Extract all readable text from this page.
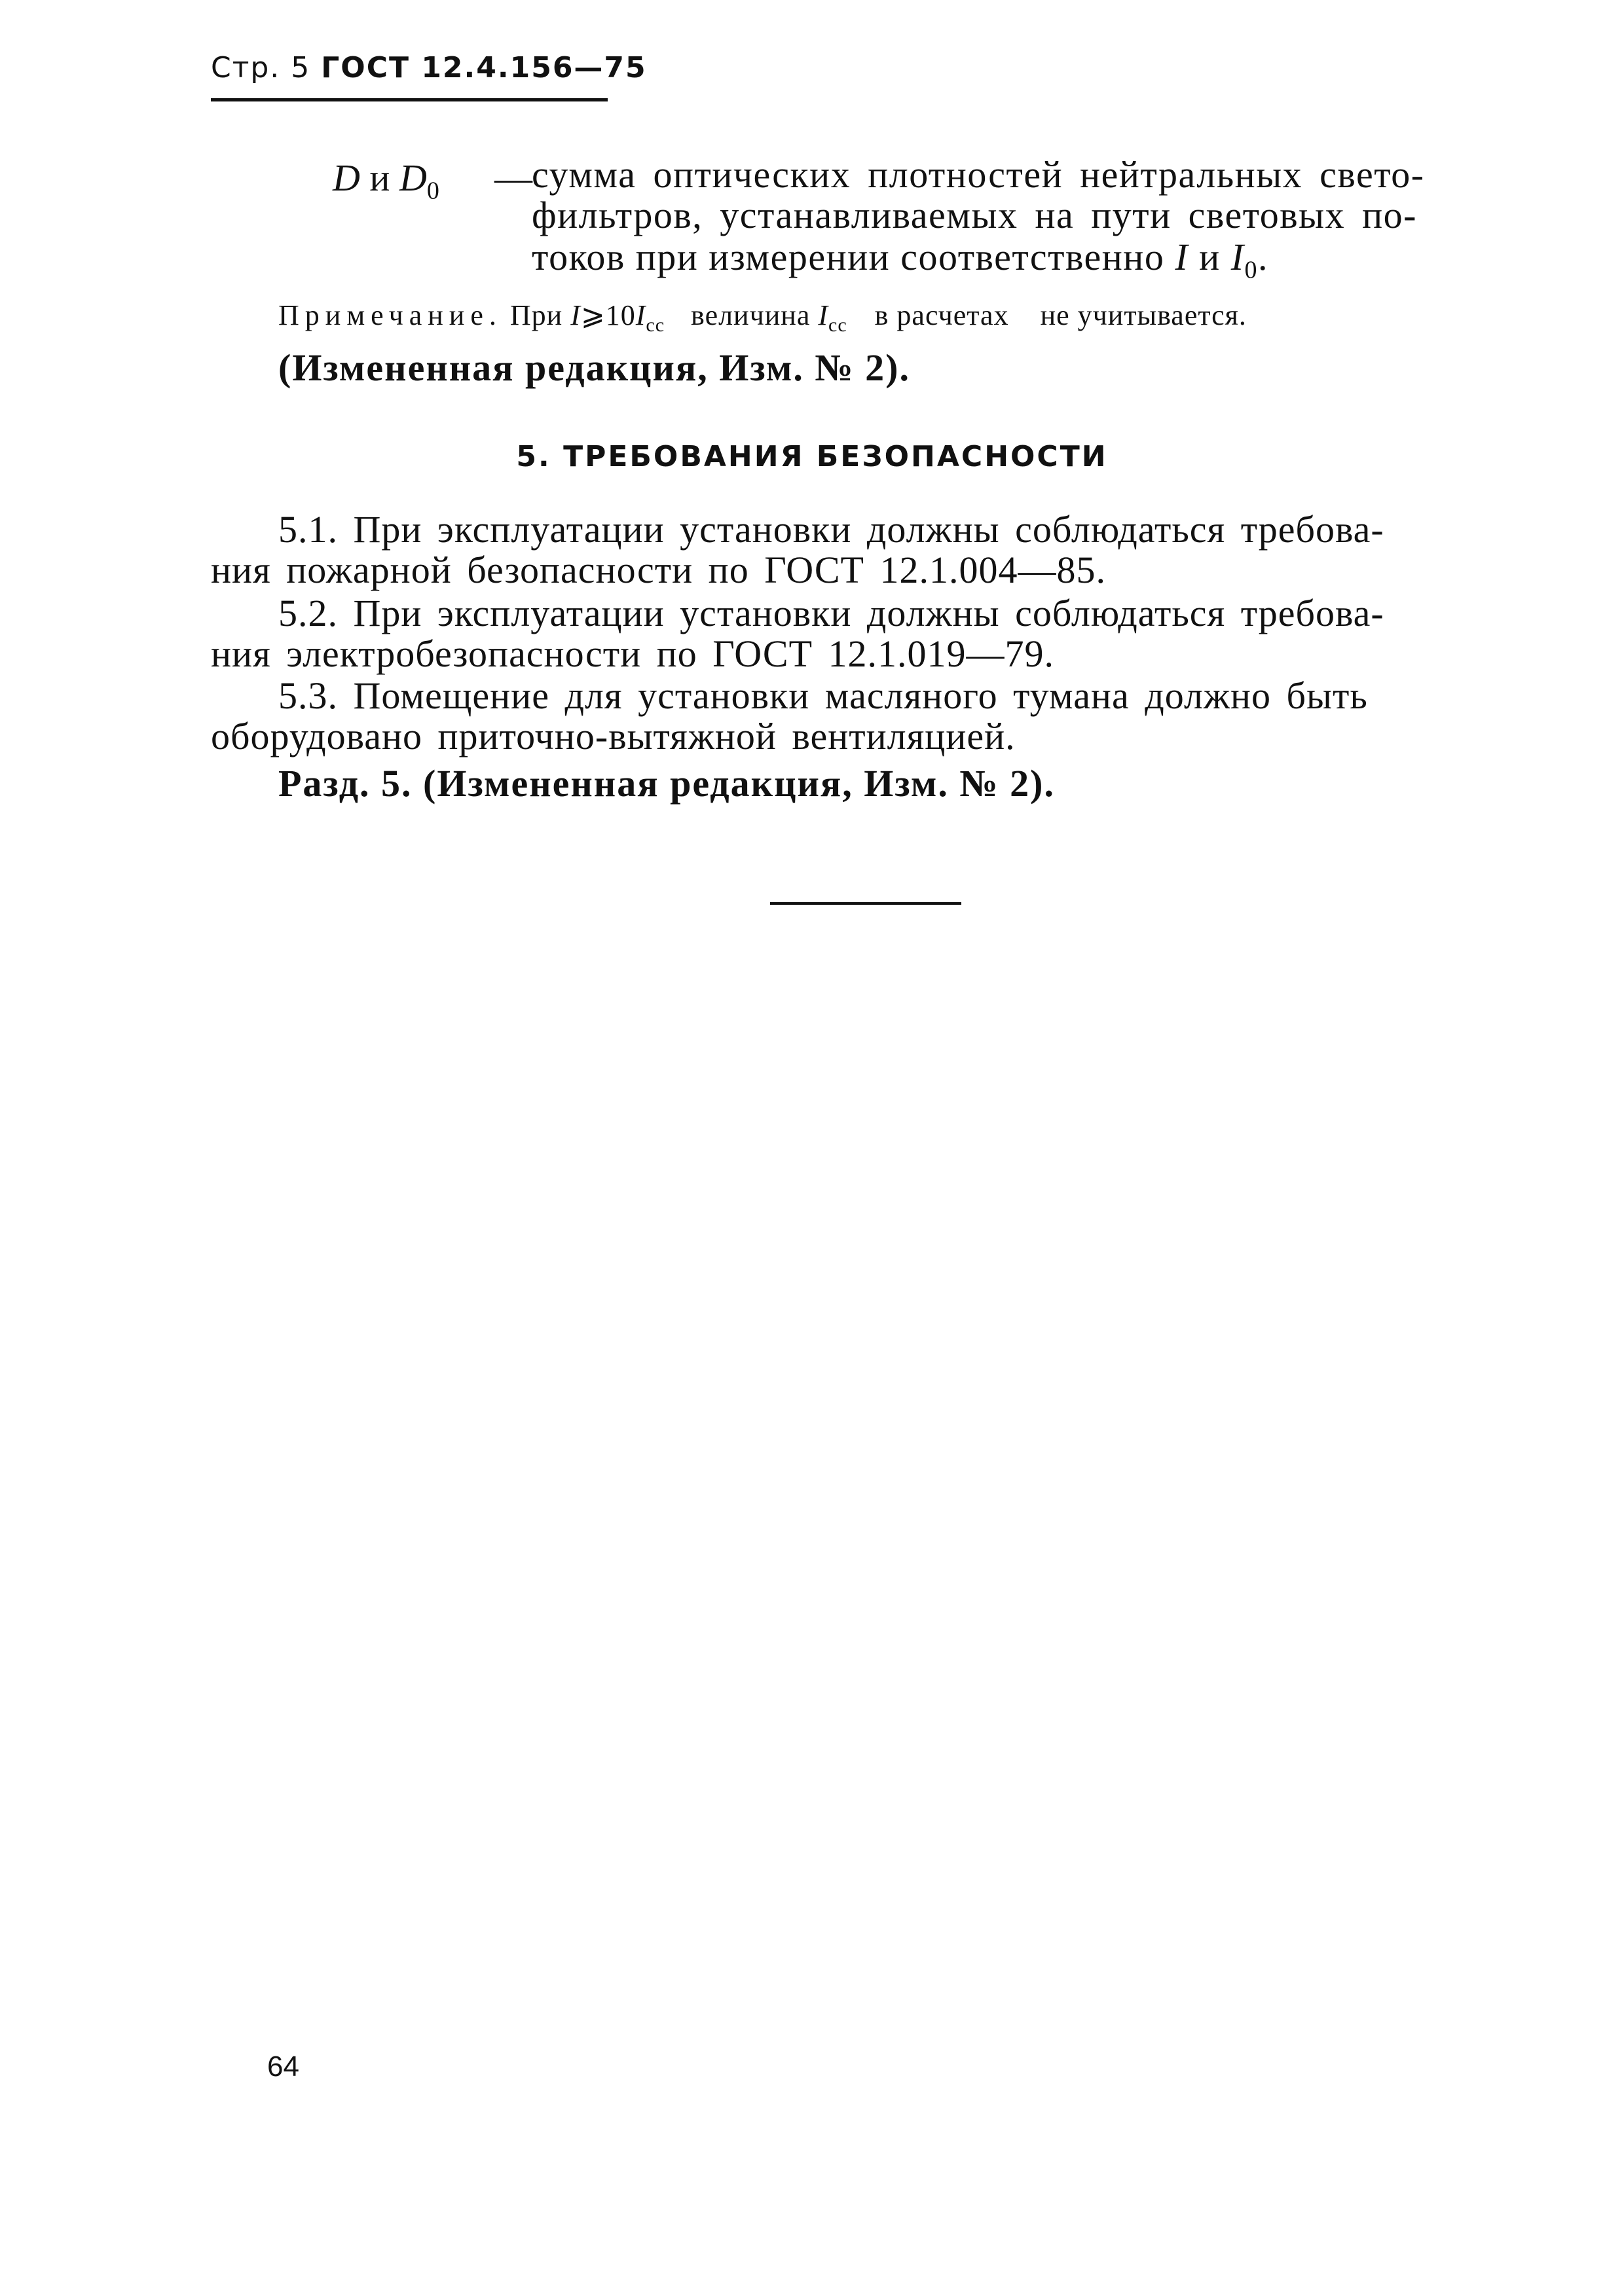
Стр. 5 ГОСТ 12.4.156—75
D и $D_0$ — сумма оптических плотностей нейтральных свето-
фильтров, устанавливаемых на пути световых по-
токов при измерении соответственно I и $I_0$.
Примечание. При $I⩾10I_{cc}$ величина $I_{cc}$ в расчетах не учитывается.
(Измененная редакция, Изм. № 2).
5. ТРЕБОВАНИЯ БЕЗОПАСНОСТИ
5.1. При эксплуатации установки должны соблюдаться требова-
ния пожарной безопасности по ГОСТ 12.1.004—85.
5.2. При эксплуатации установки должны соблюдаться требова-
ния электробезопасности по ГОСТ 12.1.019—79.
5.3. Помещение для установки масляного тумана должно быть
оборудовано приточно-вытяжной вентиляцией.
Разд. 5. (Измененная редакция, Изм. № 2).
64
